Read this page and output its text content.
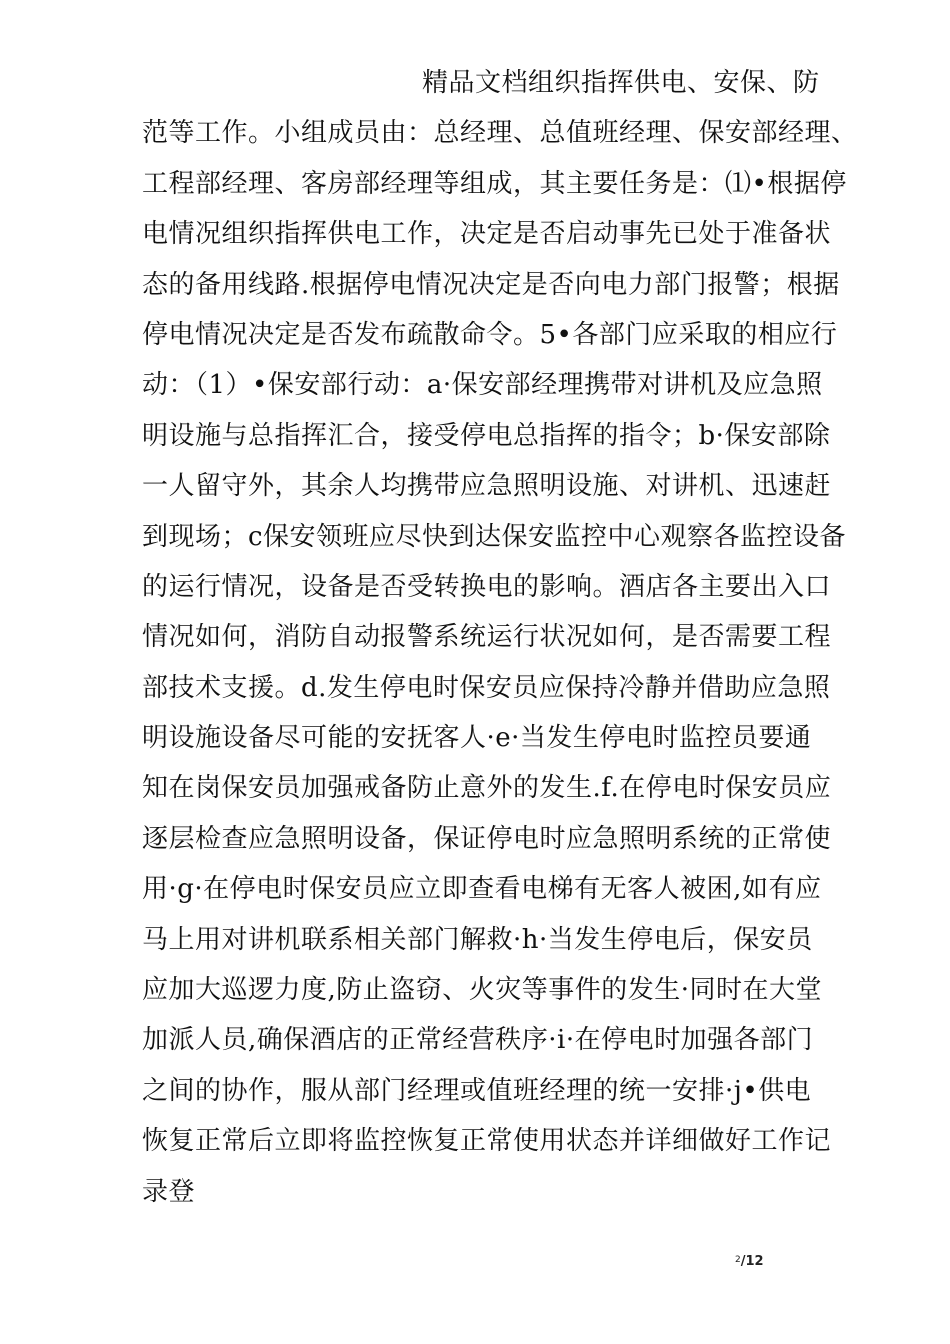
精品文档组织指挥供电、安保、防
范等工作。小组成员由：总经理、总值班经理、保安部经理、
工程部经理、客房部经理等组成，其主要任务是：⑴•根据停
电情况组织指挥供电工作，决定是否启动事先已处于准备状
态的备用线路.根据停电情况决定是否向电力部门报警；根据
停电情况决定是否发布疏散命令。5•各部门应采取的相应行
动：（1）•保安部行动：a·保安部经理携带对讲机及应急照
明设施与总指挥汇合，接受停电总指挥的指令；b·保安部除
一人留守外，其余人均携带应急照明设施、对讲机、迅速赶
到现场；c保安领班应尽快到达保安监控中心观察各监控设备
的运行情况，设备是否受转换电的影响。酒店各主要出入口
情况如何，消防自动报警系统运行状况如何，是否需要工程
部技术支援。d.发生停电时保安员应保持冷静并借助应急照
明设施设备尽可能的安抚客人·e·当发生停电时监控员要通
知在岗保安员加强戒备防止意外的发生.f.在停电时保安员应
逐层检查应急照明设备，保证停电时应急照明系统的正常使
用·g·在停电时保安员应立即查看电梯有无客人被困,如有应
马上用对讲机联系相关部门解救·h·当发生停电后，保安员
应加大巡逻力度,防止盗窃、火灾等事件的发生·同时在大堂
加派人员,确保酒店的正常经营秩序·i·在停电时加强各部门
之间的协作，服从部门经理或值班经理的统一安排·j•供电
恢复正常后立即将监控恢复正常使用状态并详细做好工作记
录登
$^2$/12
